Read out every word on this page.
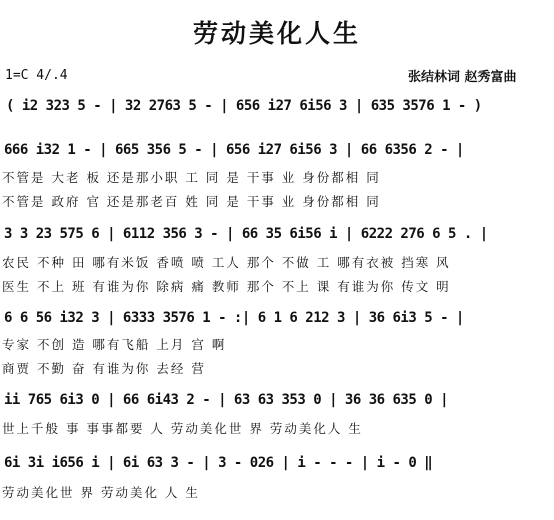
劳动美化人生
1=C 4/.4	张结林词 赵秀富曲
( i2 323 5 - | 32 2763 5 - | 656 i27 6i56 3 | 635 3576 1 - )
666 i32 1 - | 665 356 5 - | 656 i27 6i56 3 | 66 6356 2 - |
不管是 大老 板 还是那小职 工 同 是 干事 业 身份都相 同
不管是 政府 官 还是那老百 姓 同 是 干事 业 身份都相 同
3 3 23 575 6 | 6112 356 3 - | 66 35 6i56 i | 6222 276 6 5 . |
农民 不种 田 哪有米饭 香喷 喷 工人 那个 不做 工 哪有衣被 挡寒 风
医生 不上 班 有谁为你 除病 痛 教师 那个 不上 课 有谁为你 传文 明
6 6 56 i32 3 | 6333 3576 1 - :| 6 1 6 212 3 | 36 6i3 5 - |
专家 不创 造 哪有飞船 上月 宫 啊
商贾 不勤 奋 有谁为你 去经 营
ii 765 6i3 0 | 66 6i43 2 - | 63 63 353 0 | 36 36 635 0 |
世上千般 事 事事都要 人 劳动美化世 界 劳动美化人 生
6i 3i i656 i | 6i 63 3 - | 3 - 026 | i - - - | i - 0 ‖
劳动美化世 界 劳动美化 人 生
